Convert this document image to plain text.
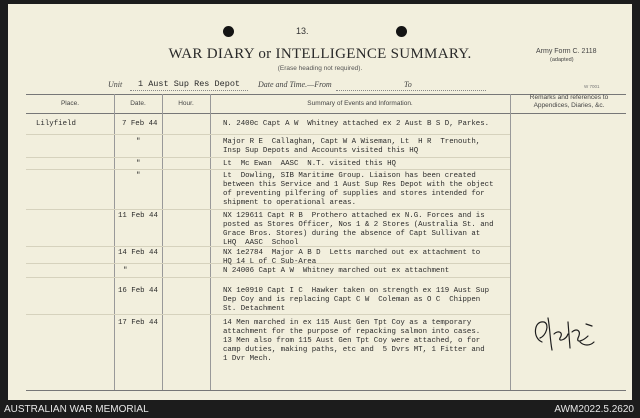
13.
WAR DIARY or INTELLIGENCE SUMMARY.
(Erase heading not required).
Army Form C. 2118
(adapted)
Unit 1 Aust Sup Res Depot Date and Time.—From	To	W 7001
Place.	Date.	Hour.	Summary of Events and Information.
Remarks and references to Appendices, Diaries, &c.
Lilyfield	7 Feb 44	N. 2400c Capt A W  Whitney attached ex 2 Aust B S D, Parkes.
"	Major R E  Callaghan, Capt W A Wiseman, Lt  H R  Trenouth,
Insp Sup Depots and Accounts visited this HQ
"	Lt  Mc Ewan  AASC  N.T. visited this HQ
"	Lt  Dowling, SIB Maritime Group. Liaison has been created
between this Service and 1 Aust Sup Res Depot with the object
of preventing pilfering of supplies and stores intended for
shipment to operational areas.
11 Feb 44	NX 129611 Capt R B  Prothero attached ex N.G. Forces and is
posted as Stores Officer, Nos 1 & 2 Stores (Australia St. and
Grace Bros. Stores) during the absence of Capt Sullivan at
LHQ  AASC  School
14 Feb 44	NX 1e2784  Major A B D  Letts marched out ex attachment to
HQ 14 L of C Sub-Area
"	N 24006 Capt A W  Whitney marched out ex attachment
16 Feb 44	NX 1e0910 Capt I C  Hawker taken on strength ex 119 Aust Sup
Dep Coy and is replacing Capt C W  Coleman as O C  Chippen
St. Detachment
17 Feb 44	14 Men marched in ex 115 Aust Gen Tpt Coy as a temporary
attachment for the purpose of repacking salmon into cases.
13 Men also from 115 Aust Gen Tpt Coy were attached, o for
camp duties, making paths, etc and  5 Dvrs MT, 1 Fitter and
1 Dvr Mech.
AUSTRALIAN WAR MEMORIAL	AWM2022.5.2620
